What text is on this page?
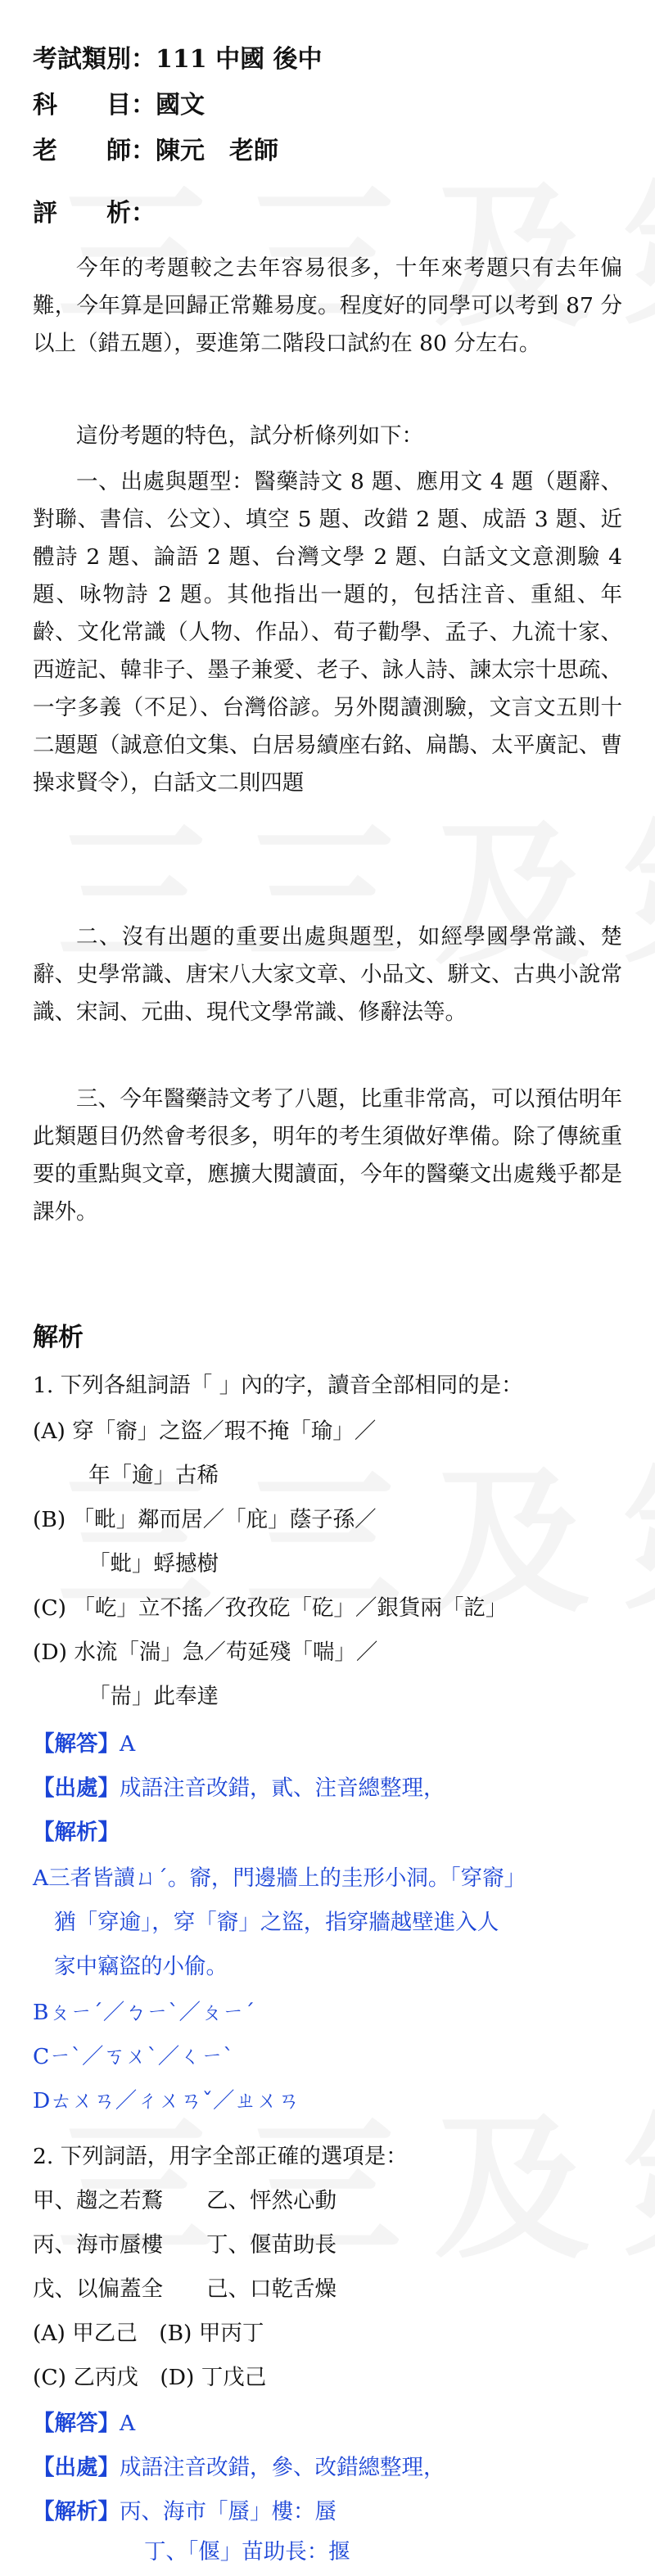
考試類別：111 中國 後中
科　　目：國文
老　　師：陳元　老師
評　　析：

今年的考題較之去年容易很多，十年來考題只有去年偏難，今年算是回歸正常難易度。程度好的同學可以考到 87 分以上（錯五題），要進第二階段口試約在 80 分左右。

這份考題的特色，試分析條列如下：

一、出處與題型：醫藥詩文 8 題、應用文 4 題（題辭、對聯、書信、公文）、填空 5 題、改錯 2 題、成語 3 題、近體詩 2 題、論語 2 題、台灣文學 2 題、白話文文意測驗 4 題、咏物詩 2 題。其他指出一題的，包括注音、重組、年齡、文化常識（人物、作品）、荀子勸學、孟子、九流十家、西遊記、韓非子、墨子兼愛、老子、詠人詩、諫太宗十思疏、一字多義（不足）、台灣俗諺。另外閱讀測驗，文言文五則十二題題（誠意伯文集、白居易續座右銘、扁鵲、太平廣記、曹操求賢令），白話文二則四題

二、沒有出題的重要出處與題型，如經學國學常識、楚辭、史學常識、唐宋八大家文章、小品文、駢文、古典小說常識、宋詞、元曲、現代文學常識、修辭法等。

三、今年醫藥詩文考了八題，比重非常高，可以預估明年此類題目仍然會考很多，明年的考生須做好準備。除了傳統重要的重點與文章，應擴大閱讀面，今年的醫藥文出處幾乎都是課外。

解析
1. 下列各組詞語「 」內的字，讀音全部相同的是：
(A) 穿「窬」之盜／瑕不掩「瑜」／
年「逾」古稀
(B) 「毗」鄰而居／「庇」蔭子孫／
「蚍」蜉撼樹
(C) 「屹」立不搖／孜孜矻「矻」／銀貨兩「訖」
(D) 水流「湍」急／苟延殘「喘」／
「耑」此奉達
【解答】A
【出處】成語注音改錯，貳、注音總整理，
【解析】
A三者皆讀ㄩˊ。窬，門邊牆上的圭形小洞。「穿窬」
猶「穿逾」，穿「窬」之盜，指穿牆越壁進入人
家中竊盜的小偷。
Bㄆㄧˊ／ㄅㄧˋ／ㄆㄧˊ
Cㄧˋ／ㄎㄨˋ／ㄑㄧˋ
Dㄊㄨㄢ／ㄔㄨㄢˇ／ㄓㄨㄢ
2. 下列詞語，用字全部正確的選項是：
甲、趨之若鶩　　乙、怦然心動
丙、海市蜃樓　　丁、偃苗助長
戊、以偏蓋全　　己、口乾舌燥
(A) 甲乙己　(B) 甲丙丁
(C) 乙丙戊　(D) 丁戊己
【解答】A
【出處】成語注音改錯，參、改錯總整理，
【解析】丙、海市「蜃」樓：蜃
丁、「偃」苗助長：揠
